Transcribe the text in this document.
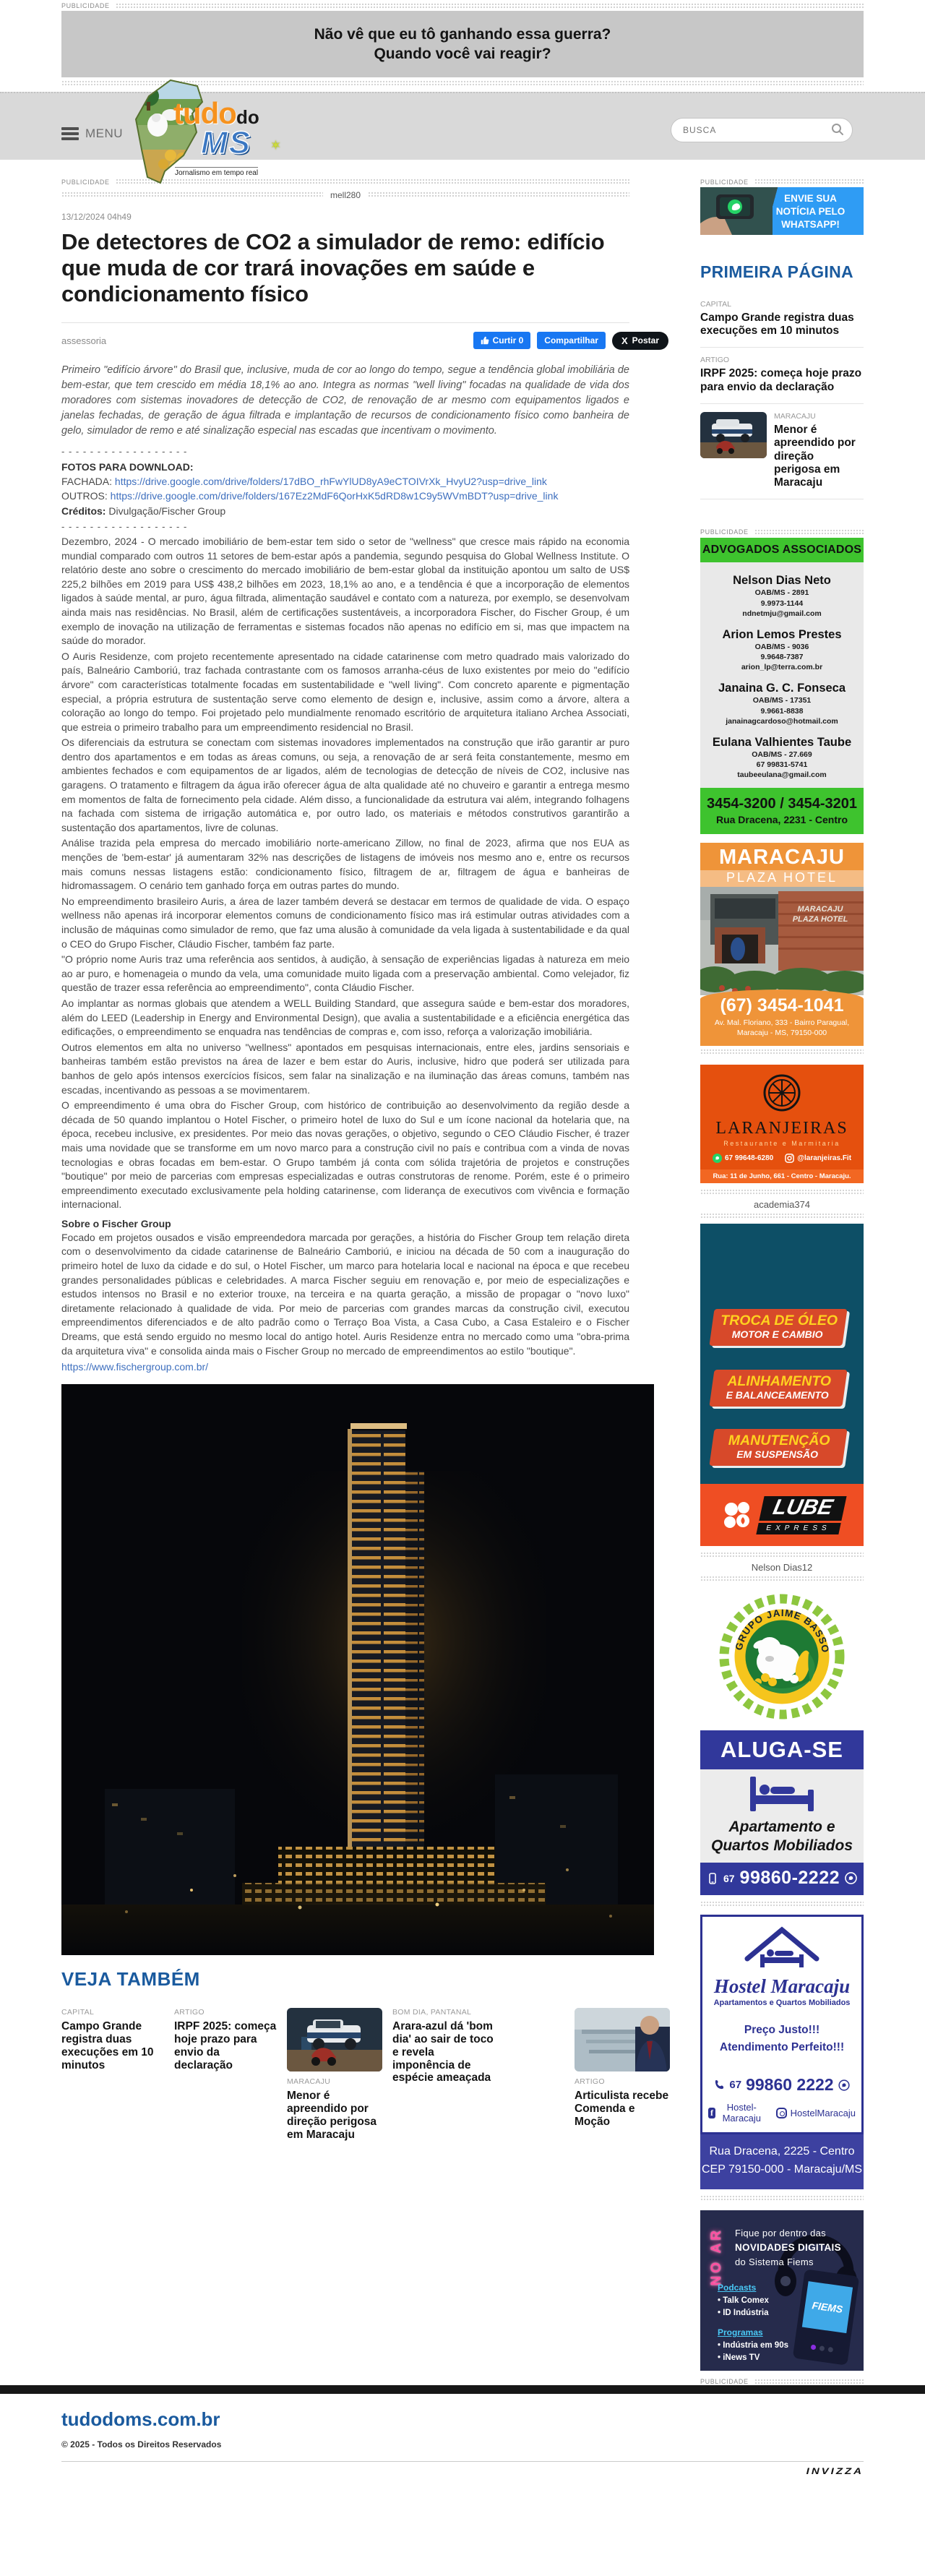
PUBLICIDADE
Não vê que eu tô ganhando essa guerra?
Quando você vai reagir?
MENU
tudodo
MS ✶
Jornalismo em tempo real
BUSCA
PUBLICIDADE
mell280
13/12/2024 04h49
De detectores de CO2 a simulador de remo: edifício que muda de cor trará inovações em saúde e condicionamento físico
assessoria	Curtir 0 Compartilhar X Postar

Primeiro "edifício árvore" do Brasil que, inclusive, muda de cor ao longo do tempo, segue a tendência global imobiliária de bem-estar, que tem crescido em média 18,1% ao ano. Integra as normas "well living" focadas na qualidade de vida dos moradores com sistemas inovadores de detecção de CO2, de renovação de ar mesmo com equipamentos ligados e janelas fechadas, de geração de água filtrada e implantação de recursos de condicionamento físico como banheira de gelo, simulador de remo e até sinalização especial nas escadas que incentivam o movimento.

- - - - - - - - - - - - - - - - - -

FOTOS PARA DOWNLOAD:

FACHADA: https://drive.google.com/drive/folders/17dBO_rhFwYlUD8yA9eCTOIVrXk_HvyU2?usp=drive_link

OUTROS: https://drive.google.com/drive/folders/167Ez2MdF6QorHxK5dRD8w1C9y5WVmBDT?usp=drive_link

Créditos: Divulgação/Fischer Group

- - - - - - - - - - - - - - - - - -

Dezembro, 2024 - O mercado imobiliário de bem-estar tem sido o setor de "wellness" que cresce mais rápido na economia mundial comparado com outros 11 setores de bem-estar após a pandemia, segundo pesquisa do Global Wellness Institute. O relatório deste ano sobre o crescimento do mercado imobiliário de bem-estar global da instituição apontou um salto de US$ 225,2 bilhões em 2019 para US$ 438,2 bilhões em 2023, 18,1% ao ano, e a tendência é que a incorporação de elementos ligados à saúde mental, ar puro, água filtrada, alimentação saudável e contato com a natureza, por exemplo, se desenvolvam ainda mais nas residências. No Brasil, além de certificações sustentáveis, a incorporadora Fischer, do Fischer Group, é um exemplo de inovação na utilização de ferramentas e sistemas focados não apenas no edifício em si, mas que impactem na saúde do morador.

O Auris Residenze, com projeto recentemente apresentado na cidade catarinense com metro quadrado mais valorizado do país, Balneário Camboriú, traz fachada contrastante com os famosos arranha-céus de luxo existentes por meio do "edifício árvore" com características totalmente focadas em sustentabilidade e "well living". Com concreto aparente e pigmentação especial, a própria estrutura de sustentação serve como elemento de design e, inclusive, assim como a árvore, altera a coloração ao longo do tempo. Foi projetado pelo mundialmente renomado escritório de arquitetura italiano Archea Associati, que estreia o primeiro trabalho para um empreendimento residencial no Brasil.

Os diferenciais da estrutura se conectam com sistemas inovadores implementados na construção que irão garantir ar puro dentro dos apartamentos e em todas as áreas comuns, ou seja, a renovação de ar será feita constantemente, mesmo em ambientes fechados e com equipamentos de ar ligados, além de tecnologias de detecção de níveis de CO2, inclusive nas garagens. O tratamento e filtragem da água irão oferecer água de alta qualidade até no chuveiro e garantir a entrega mesmo em momentos de falta de fornecimento pela cidade. Além disso, a funcionalidade da estrutura vai além, integrando folhagens na fachada com sistema de irrigação automática e, por outro lado, os materiais e métodos construtivos garantirão a sustentação dos apartamentos, livre de colunas.

Análise trazida pela empresa do mercado imobiliário norte-americano Zillow, no final de 2023, afirma que nos EUA as menções de 'bem-estar' já aumentaram 32% nas descrições de listagens de imóveis nos mesmo ano e, entre os recursos mais comuns nessas listagens estão: condicionamento físico, filtragem de ar, filtragem de água e banheiras de hidromassagem. O cenário tem ganhado força em outras partes do mundo.

No empreendimento brasileiro Auris, a área de lazer também deverá se destacar em termos de qualidade de vida. O espaço wellness não apenas irá incorporar elementos comuns de condicionamento físico mas irá estimular outras atividades com a inclusão de máquinas como simulador de remo, que faz uma alusão à comunidade da vela ligada à sustentabilidade e da qual o CEO do Grupo Fischer, Cláudio Fischer, também faz parte.

"O próprio nome Auris traz uma referência aos sentidos, à audição, à sensação de experiências ligadas à natureza em meio ao ar puro, e homenageia o mundo da vela, uma comunidade muito ligada com a preservação ambiental. Como velejador, fiz questão de trazer essa referência ao empreendimento", conta Cláudio Fischer.

Ao implantar as normas globais que atendem a WELL Building Standard, que assegura saúde e bem-estar dos moradores, além do LEED (Leadership in Energy and Environmental Design), que avalia a sustentabilidade e a eficiência energética das edificações, o empreendimento se enquadra nas tendências de compras e, com isso, reforça a valorização imobiliária.

Outros elementos em alta no universo "wellness" apontados em pesquisas internacionais, entre eles, jardins sensoriais e banheiras também estão previstos na área de lazer e bem estar do Auris, inclusive, hidro que poderá ser utilizada para banhos de gelo após intensos exercícios físicos, sem falar na sinalização e na iluminação das áreas comuns, também nas escadas, incentivando as pessoas a se movimentarem.

O empreendimento é uma obra do Fischer Group, com histórico de contribuição ao desenvolvimento da região desde a década de 50 quando implantou o Hotel Fischer, o primeiro hotel de luxo do Sul e um ícone nacional da hotelaria que, na época, recebeu inclusive, ex presidentes. Por meio das novas gerações, o objetivo, segundo o CEO Cláudio Fischer, é trazer mais uma novidade que se transforme em um novo marco para a construção civil no país e contribua com a vinda de novas tecnologias e obras focadas em bem-estar. O Grupo também já conta com sólida trajetória de projetos e construções "boutique" por meio de parcerias com empresas especializadas e outras construtoras de renome. Porém, este é o primeiro empreendimento executado exclusivamente pela holding catarinense, com liderança de executivos com vivência e formação internacional.

Sobre o Fischer Group

Focado em projetos ousados e visão empreendedora marcada por gerações, a história do Fischer Group tem relação direta com o desenvolvimento da cidade catarinense de Balneário Camboriú, e iniciou na década de 50 com a inauguração do primeiro hotel de luxo da cidade e do sul, o Hotel Fischer, um marco para hotelaria local e nacional na época e que recebeu grandes personalidades públicas e celebridades. A marca Fischer seguiu em renovação e, por meio de especializações e estudos intensos no Brasil e no exterior trouxe, na terceira e na quarta geração, a missão de propagar o "novo luxo" diretamente relacionado à qualidade de vida. Por meio de parcerias com grandes marcas da construção civil, executou empreendimentos diferenciados e de alto padrão como o Terraço Boa Vista, a Casa Cubo, a Casa Estaleiro e o Fischer Dreams, que está sendo erguido no mesmo local do antigo hotel. Auris Residenze entra no mercado como uma "obra-prima da arquitetura viva" e consolida ainda mais o Fischer Group no mercado de empreendimentos ao estilo "boutique".

https://www.fischergroup.com.br/

VEJA TAMBÉM
CAPITAL
Campo Grande registra duas execuções em 10 minutos
ARTIGO
IRPF 2025: começa hoje prazo para envio da declaração
MARACAJU
Menor é apreendido por direção perigosa em Maracaju
BOM DIA, PANTANAL
Arara-azul dá 'bom dia' ao sair de toco e revela imponência de espécie ameaçada	ARTIGO
Articulista recebe Comenda e Moção
PUBLICIDADE
ENVIE SUA
NOTÍCIA PELO
WHATSAPP!
PRIMEIRA PÁGINA
CAPITAL
Campo Grande registra duas execuções em 10 minutos
ARTIGO
IRPF 2025: começa hoje prazo para envio da declaração
MARACAJU
Menor é apreendido por direção perigosa em Maracaju
PUBLICIDADE
ADVOGADOS ASSOCIADOS
Nelson Dias Neto
OAB/MS - 2891
9.9973-1144
ndnetmju@gmail.com
Arion Lemos Prestes
OAB/MS - 9036
9.9648-7387
arion_lp@terra.com.br
Janaina G. C. Fonseca
OAB/MS - 17351
9.9661-8838
janainagcardoso@hotmail.com
Eulana Valhientes Taube
OAB/MS - 27.669
67 99831-5741
taubeeulana@gmail.com
3454-3200 / 3454-3201
Rua Dracena, 2231 - Centro
MARACAJU
PLAZA HOTEL
MARACAJU
PLAZA HOTEL
(67) 3454-1041
Av. Mal. Floriano, 333 - Bairro Paragual,
Maracaju - MS, 79150-000
LARANJEIRAS
Restaurante e Marmitaria
67 99648-6280	@laranjeiras.Fit
Rua: 11 de Junho, 661 - Centro - Maracaju.
academia374
TROCA DE ÓLEO
MOTOR E CAMBIO
ALINHAMENTO
E BALANCEAMENTO
MANUTENÇÃO
EM SUSPENSÃO
LUBE
EXPRESS
Nelson Dias12
GRUPO JAIME BASSO
ALUGA-SE
Apartamento e
Quartos Mobiliados
67 99860-2222
Hostel Maracaju
Apartamentos e Quartos Mobiliados
Preço Justo!!!
Atendimento Perfeito!!!
67 99860 2222
f	Hostel-Maracaju	HostelMaracaju
Rua Dracena, 2225 - Centro
CEP 79150-000 - Maracaju/MS
FIEMS
NO AR Fique por dentro das
NOVIDADES DIGITAIS
do Sistema Fiems
Podcasts
• Talk Comex
• ID Indústria
Programas
• Indústria em 90s
• iNews TV
PUBLICIDADE
tudodoms.com.br
© 2025 - Todos os Direitos Reservados
INVIZZA
